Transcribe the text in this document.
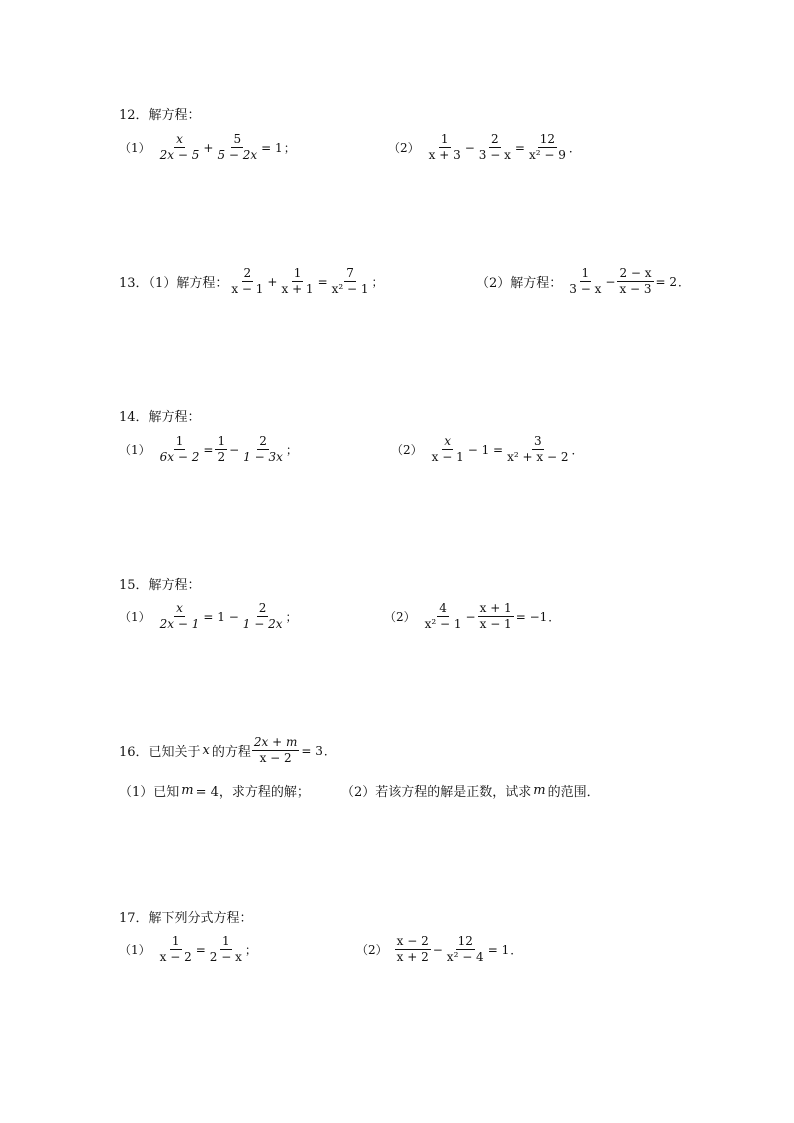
12．解方程：
$(1) \frac{x}{2x - 5} + \frac{5}{5 - 2x} = 1$ ；	$(2) \frac{1}{x + 3} - \frac{2}{3 - x} = \frac{12}{\text{x² − 9}}$ ．
13．（1）解方程： $\frac{2}{x - 1} + \frac{1}{x + 1} = \frac{7}{\text{x² − 1}}$ ；	（2）解方程： $\frac{1}{3 - x} - \frac{2 - x}{x - 3} = 2$ ．
14．解方程：
$(1) \frac{1}{6x - 2} = \frac{1}{2} - \frac{2}{1 - 3x}$ ；	$(2) \frac{x}{x - 1} - 1 = \frac{3}{\text{x² + x − 2}}$ ．
15．解方程：
$(1) \frac{x}{2x - 1} = 1 - \frac{2}{1 - 2x}$ ；	$(2) \frac{4}{\text{x² − 1}} - \frac{x + 1}{x - 1} = -1$ ．
16．已知关于 x 的方程 $\frac{2x + m}{x - 2} = 3$ ．
（1）已知 m = 4，求方程的解； （2）若该方程的解是正数，试求 m 的范围．
17．解下列分式方程：
$(1) \frac{1}{x - 2} = \frac{1}{2 - x}$ ；	$(2) \frac{x - 2}{x + 2} - \frac{12}{\text{x² − 4}} = 1$ ．
